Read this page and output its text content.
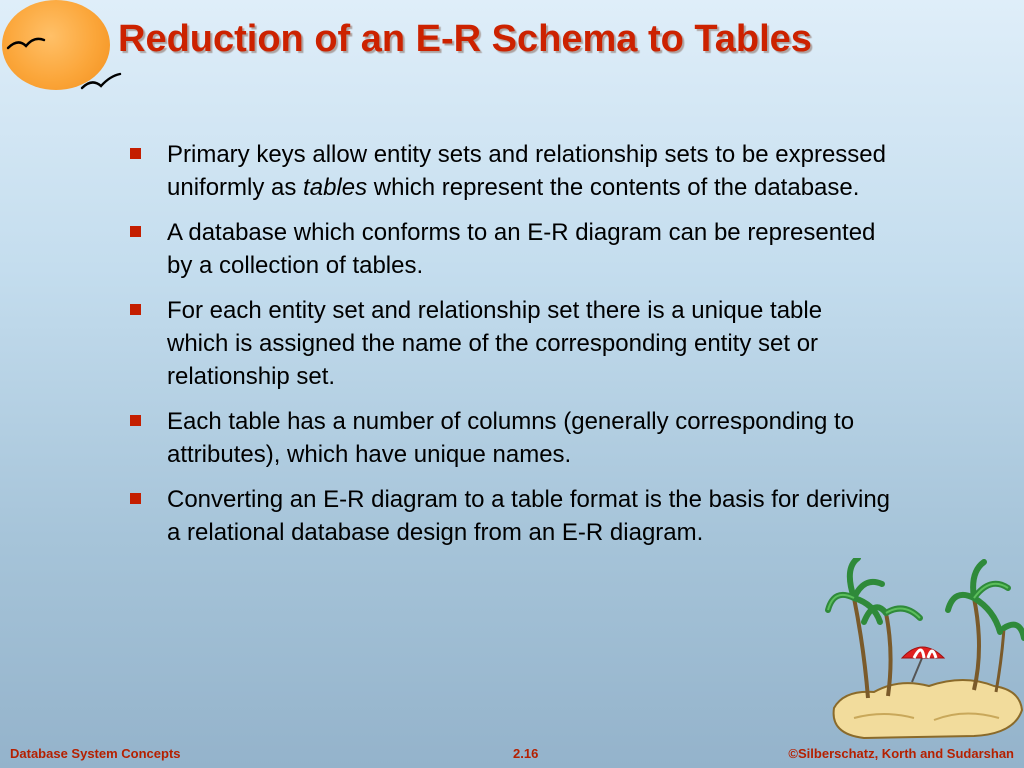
Reduction of an E-R Schema to Tables
Primary keys allow entity sets and relationship sets to be expressed uniformly as tables which represent the contents of the database.
A database which conforms to an E-R diagram can be represented by a collection of tables.
For each entity set and relationship set there is a unique table which is assigned the name of the corresponding entity set or relationship set.
Each table has a number of columns (generally corresponding to attributes), which have unique names.
Converting an E-R diagram to a table format is the basis for deriving a relational database design from an E-R diagram.
Database System Concepts	2.16	©Silberschatz, Korth and Sudarshan
